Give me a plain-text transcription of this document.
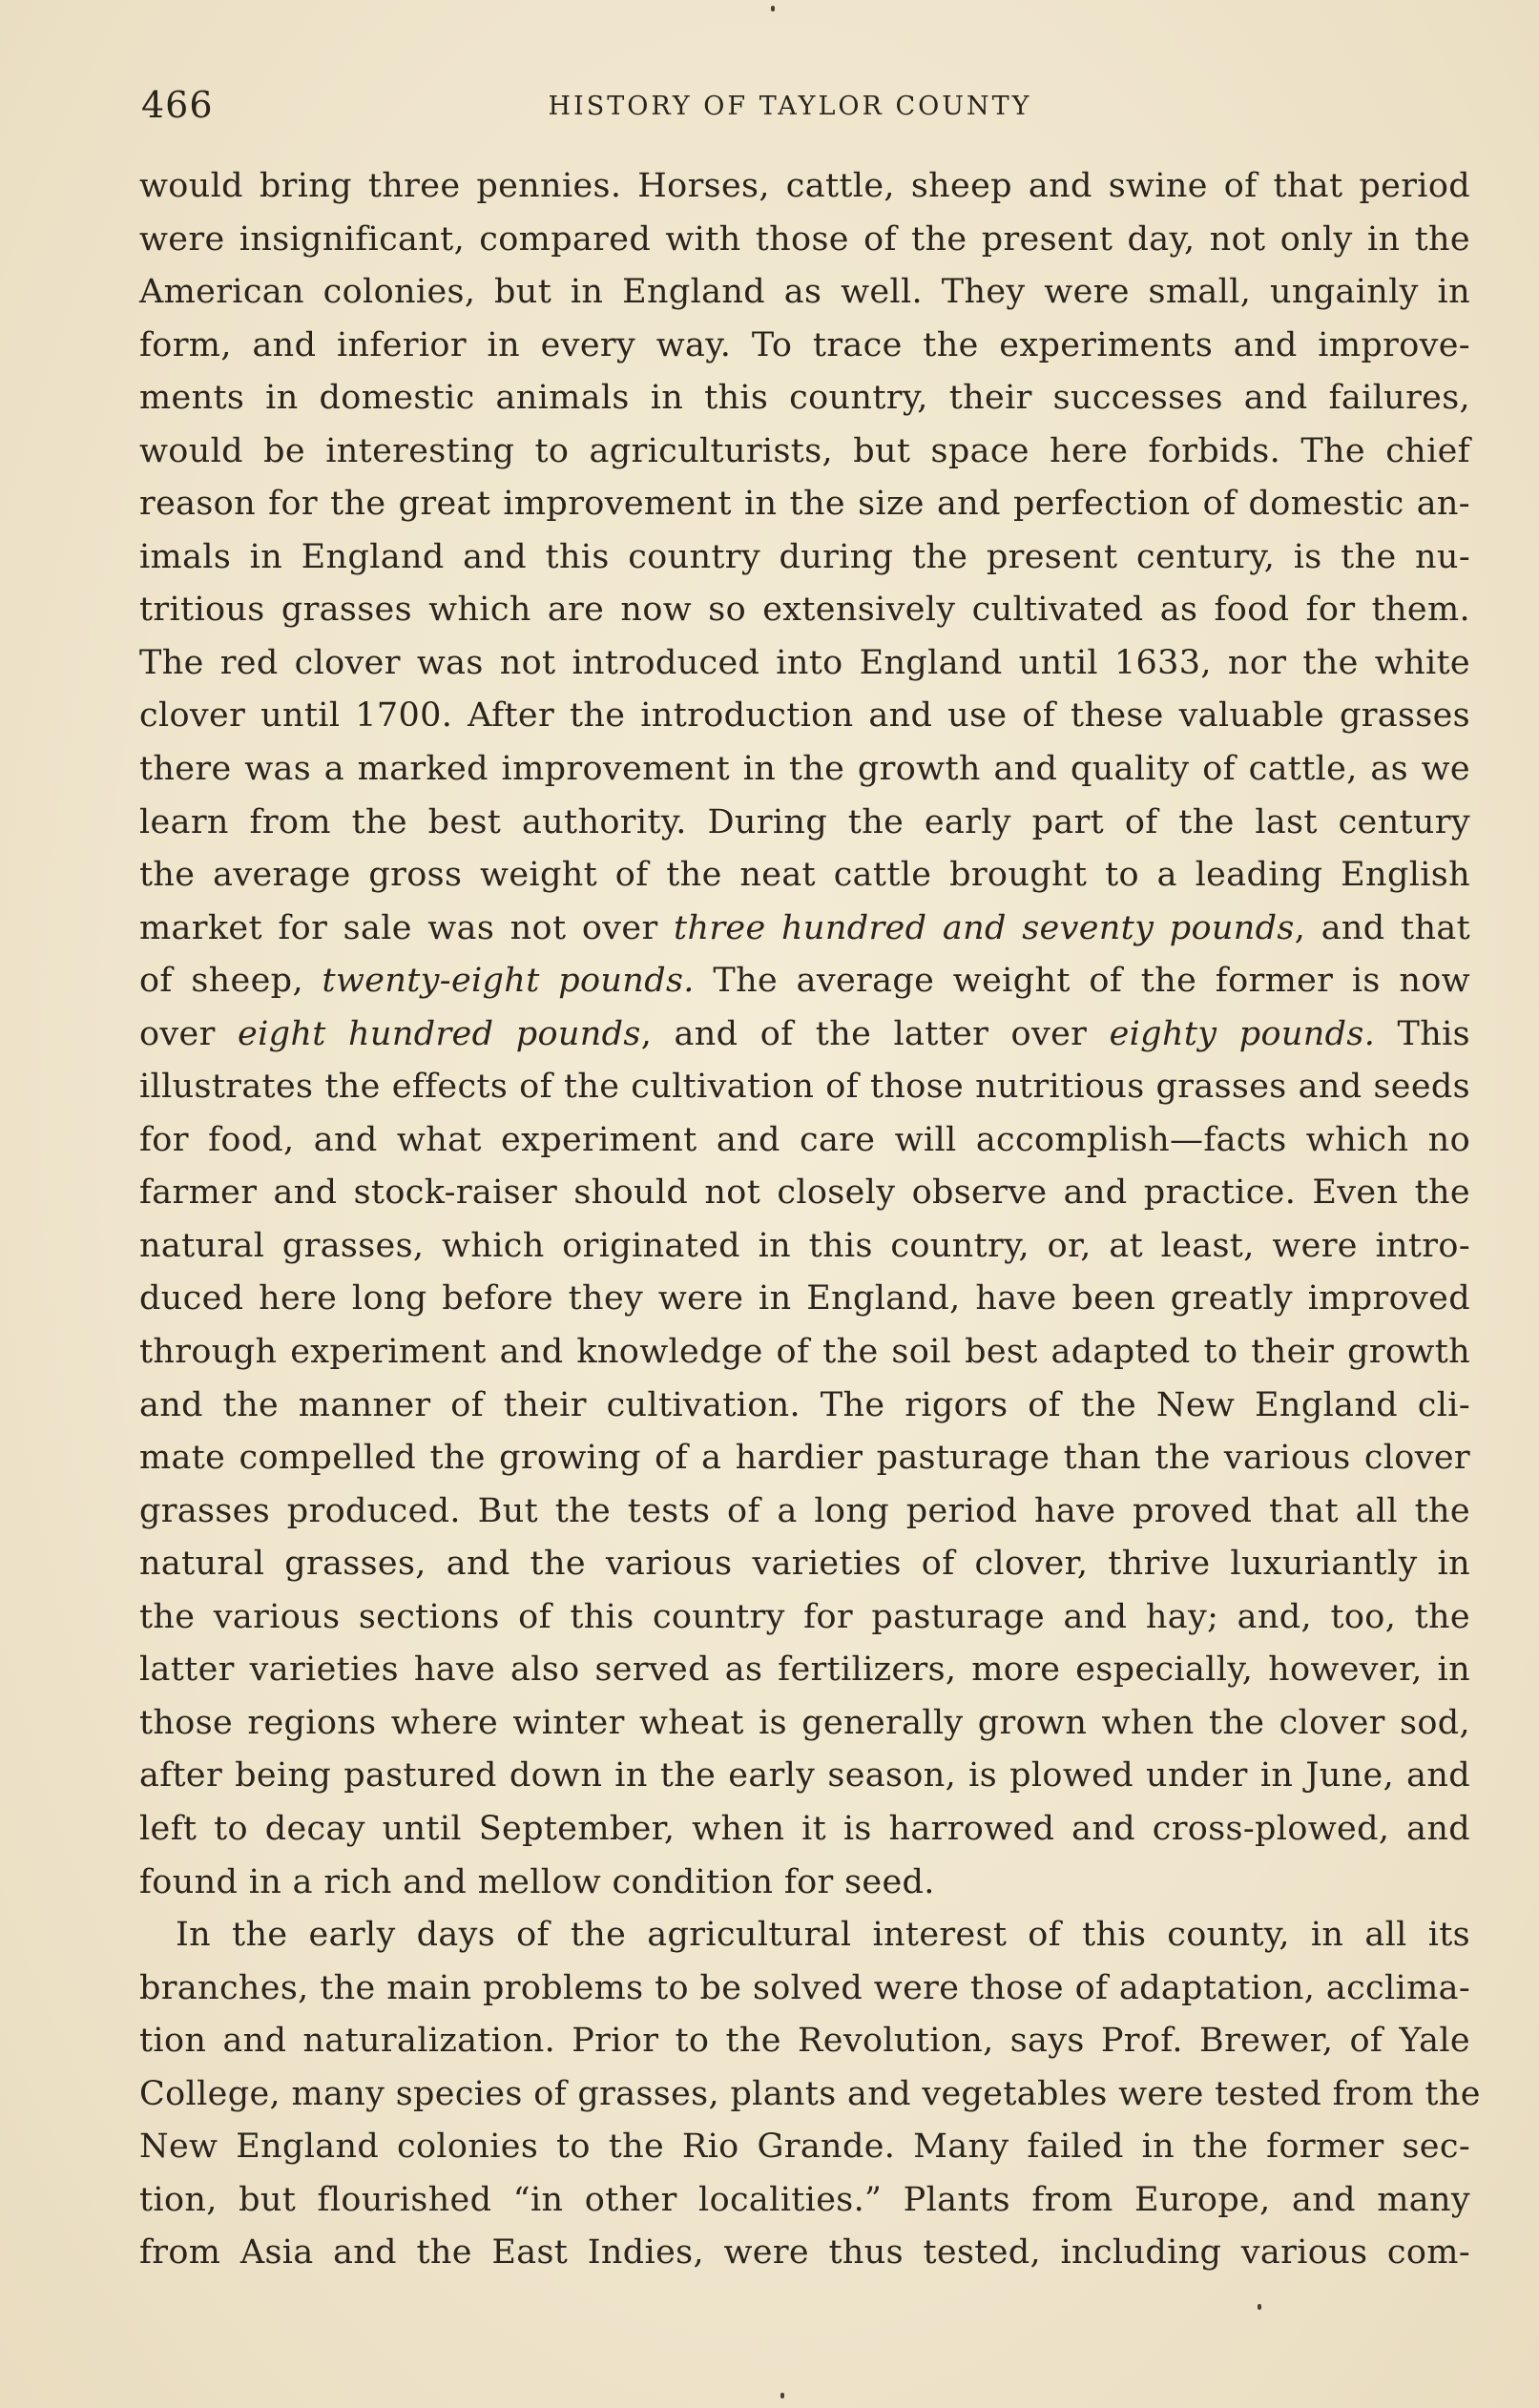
466	HISTORY OF TAYLOR COUNTY
would bring three pennies. Horses, cattle, sheep and swine of that period
were insignificant, compared with those of the present day, not only in the
American colonies, but in England as well. They were small, ungainly in
form, and inferior in every way. To trace the experiments and improve-
ments in domestic animals in this country, their successes and failures,
would be interesting to agriculturists, but space here forbids. The chief
reason for the great improvement in the size and perfection of domestic an-
imals in England and this country during the present century, is the nu-
tritious grasses which are now so extensively cultivated as food for them.
The red clover was not introduced into England until 1633, nor the white
clover until 1700. After the introduction and use of these valuable grasses
there was a marked improvement in the growth and quality of cattle, as we
learn from the best authority. During the early part of the last century
the average gross weight of the neat cattle brought to a leading English
market for sale was not over three hundred and seventy pounds, and that
of sheep, twenty-eight pounds. The average weight of the former is now
over eight hundred pounds, and of the latter over eighty pounds. This
illustrates the effects of the cultivation of those nutritious grasses and seeds
for food, and what experiment and care will accomplish—facts which no
farmer and stock-raiser should not closely observe and practice. Even the
natural grasses, which originated in this country, or, at least, were intro-
duced here long before they were in England, have been greatly improved
through experiment and knowledge of the soil best adapted to their growth
and the manner of their cultivation. The rigors of the New England cli-
mate compelled the growing of a hardier pasturage than the various clover
grasses produced. But the tests of a long period have proved that all the
natural grasses, and the various varieties of clover, thrive luxuriantly in
the various sections of this country for pasturage and hay; and, too, the
latter varieties have also served as fertilizers, more especially, however, in
those regions where winter wheat is generally grown when the clover sod,
after being pastured down in the early season, is plowed under in June, and
left to decay until September, when it is harrowed and cross-plowed, and
found in a rich and mellow condition for seed.
In the early days of the agricultural interest of this county, in all its
branches, the main problems to be solved were those of adaptation, acclima-
tion and naturalization. Prior to the Revolution, says Prof. Brewer, of Yale
College, many species of grasses, plants and vegetables were tested from the
New England colonies to the Rio Grande. Many failed in the former sec-
tion, but flourished “in other localities.” Plants from Europe, and many
from Asia and the East Indies, were thus tested, including various com-
